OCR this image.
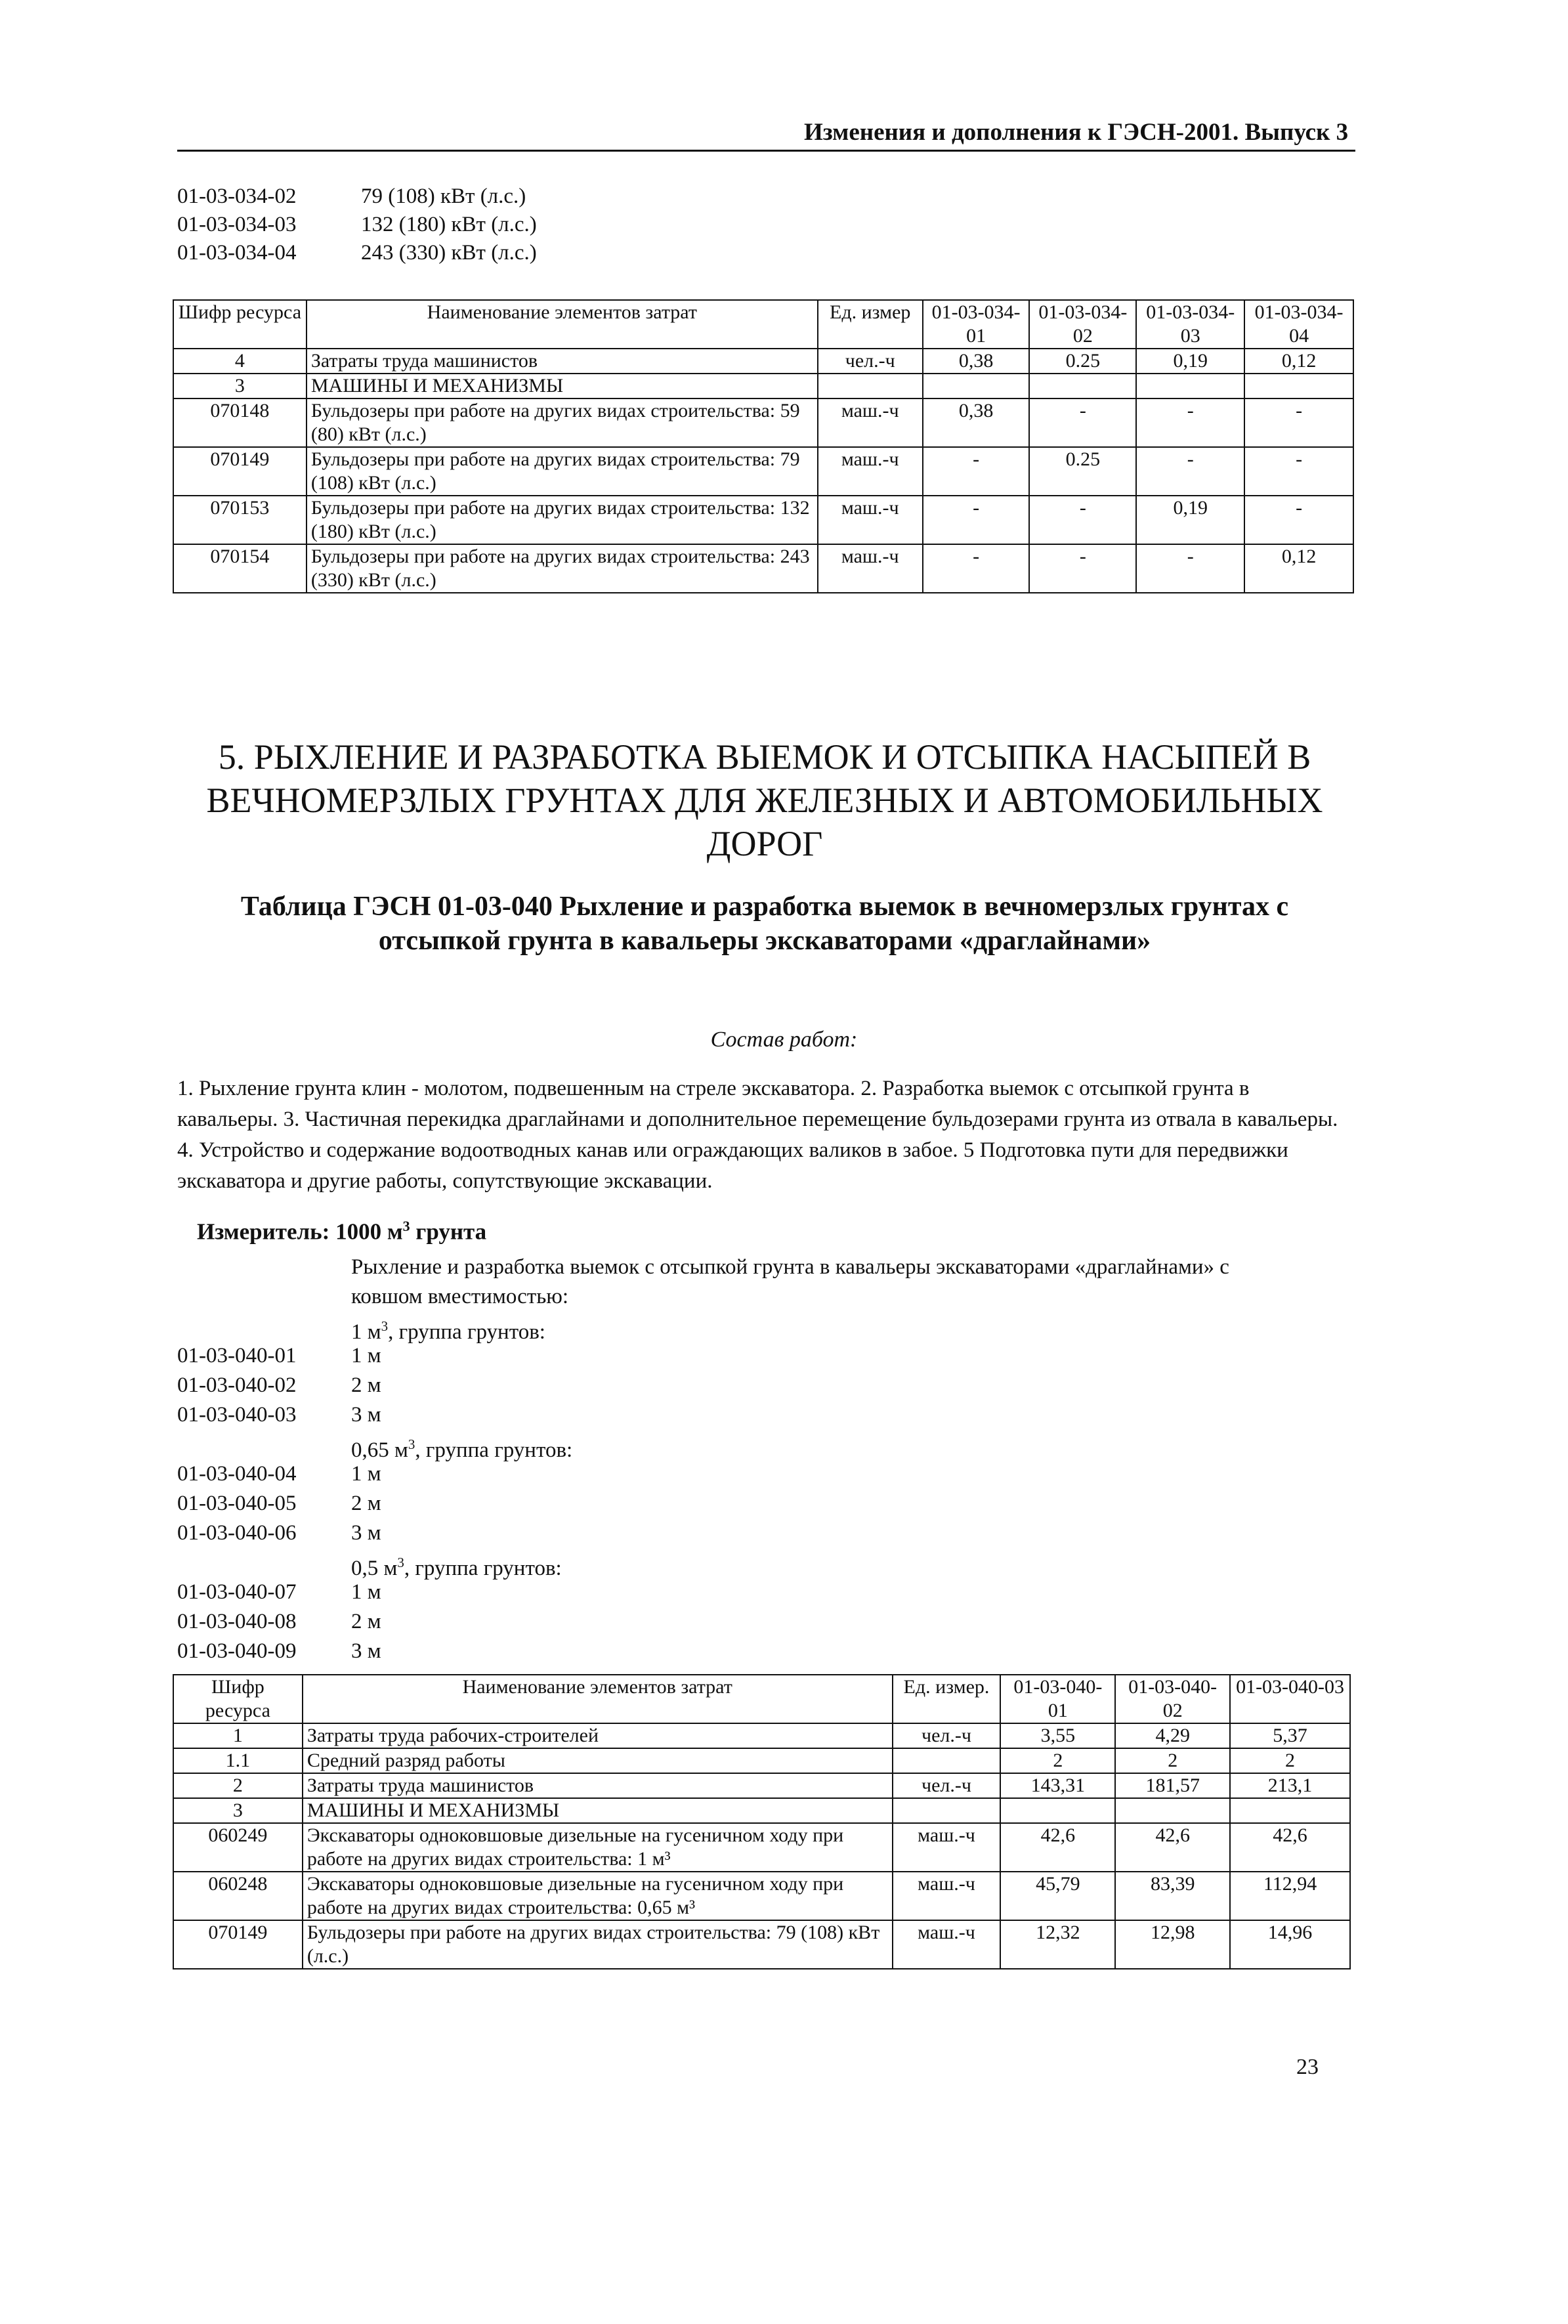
Изменения и дополнения к ГЭСН-2001. Выпуск 3
01-03-034-02	79 (108) кВт (л.с.)
01-03-034-03	132 (180) кВт (л.с.)
01-03-034-04	243 (330) кВт (л.с.)
Шифр ресурса	Наименование элементов затрат	Ед. измер	01-03-034-01	01-03-034-02	01-03-034-03	01-03-034-04
4	Затраты труда машинистов	чел.-ч	0,38	0.25	0,19	0,12
3	МАШИНЫ И МЕХАНИЗМЫ					
070148	Бульдозеры при работе на других видах строительства: 59 (80) кВт (л.с.)	маш.-ч	0,38	-	-	-
070149	Бульдозеры при работе на других видах строительства: 79 (108) кВт (л.с.)	маш.-ч	-	0.25	-	-
070153	Бульдозеры при работе на других видах строительства: 132 (180) кВт (л.с.)	маш.-ч	-	-	0,19	-
070154	Бульдозеры при работе на других видах строительства: 243 (330) кВт (л.с.)	маш.-ч	-	-	-	0,12
5. РЫХЛЕНИЕ И РАЗРАБОТКА ВЫЕМОК И ОТСЫПКА НАСЫПЕЙ В ВЕЧНОМЕРЗЛЫХ ГРУНТАХ ДЛЯ ЖЕЛЕЗНЫХ И АВТОМОБИЛЬНЫХ ДОРОГ
Таблица ГЭСН 01-03-040 Рыхление и разработка выемок в вечномерзлых грунтах с отсыпкой грунта в кавальеры экскаваторами «драглайнами»
Состав работ:
1. Рыхление грунта клин - молотом, подвешенным на стреле экскаватора. 2. Разработка выемок с отсыпкой грунта в кавальеры. 3. Частичная перекидка драглайнами и дополнительное перемещение бульдозерами грунта из отвала в кавальеры. 4. Устройство и содержание водоотводных канав или ограждающих валиков в забое. 5 Подготовка пути для передвижки экскаватора и другие работы, сопутствующие экскавации.
Измеритель: 1000 $м^3$ грунта
Рыхление и разработка выемок с отсыпкой грунта в кавальеры экскаваторами «драглайнами» с ковшом вместимостью:
1 $м^3$, группа грунтов:
01-03-040-01	1 м
01-03-040-02	2 м
01-03-040-03	3 м
0,65 $м^3$, группа грунтов:
01-03-040-04	1 м
01-03-040-05	2 м
01-03-040-06	3 м
0,5 $м^3$, группа грунтов:
01-03-040-07	1 м
01-03-040-08	2 м
01-03-040-09	3 м
Шифр ресурса	Наименование элементов затрат	Ед. измер.	01-03-040-01	01-03-040-02	01-03-040-03
1	Затраты труда рабочих-строителей	чел.-ч	3,55	4,29	5,37
1.1	Средний разряд работы		2	2	2
2	Затраты труда машинистов	чел.-ч	143,31	181,57	213,1
3	МАШИНЫ И МЕХАНИЗМЫ				
060249	Экскаваторы одноковшовые дизельные на гусеничном ходу при работе на других видах строительства: 1 м³	маш.-ч	42,6	42,6	42,6
060248	Экскаваторы одноковшовые дизельные на гусеничном ходу при работе на других видах строительства: 0,65 м³	маш.-ч	45,79	83,39	112,94
070149	Бульдозеры при работе на других видах строительства: 79 (108) кВт (л.с.)	маш.-ч	12,32	12,98	14,96
23
